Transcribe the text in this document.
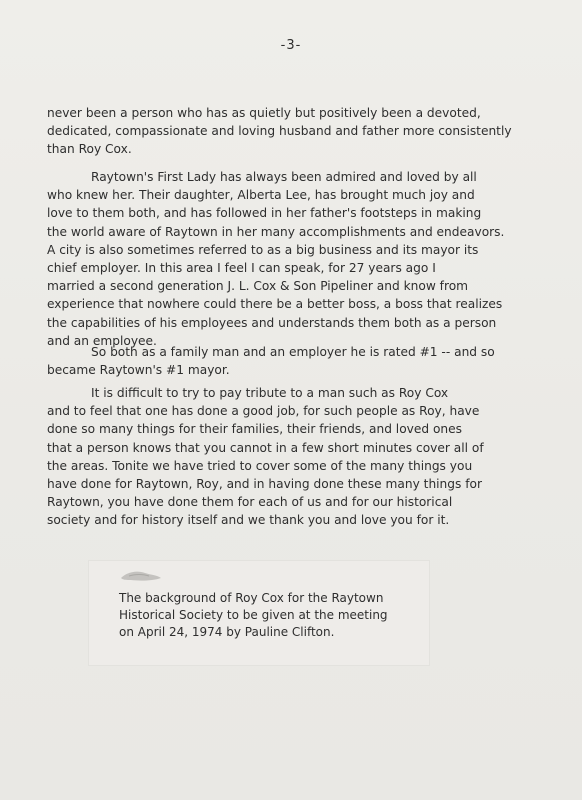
-3-

never been a person who has as quietly but positively been a devoted,
dedicated, compassionate and loving husband and father more consistently
than Roy Cox.

Raytown's First Lady has always been admired and loved by all
who knew her. Their daughter, Alberta Lee, has brought much joy and
love to them both, and has followed in her father's footsteps in making
the world aware of Raytown in her many accomplishments and endeavors.
A city is also sometimes referred to as a big business and its mayor its
chief employer. In this area I feel I can speak, for 27 years ago I
married a second generation J. L. Cox & Son Pipeliner and know from
experience that nowhere could there be a better boss, a boss that realizes
the capabilities of his employees and understands them both as a person
and an employee.

So both as a family man and an employer he is rated #1 -- and so
became Raytown's #1 mayor.

It is difficult to try to pay tribute to a man such as Roy Cox
and to feel that one has done a good job, for such people as Roy, have
done so many things for their families, their friends, and loved ones
that a person knows that you cannot in a few short minutes cover all of
the areas. Tonite we have tried to cover some of the many things you
have done for Raytown, Roy, and in having done these many things for
Raytown, you have done them for each of us and for our historical
society and for history itself and we thank you and love you for it.

The background of Roy Cox for the Raytown
Historical Society to be given at the meeting
on April 24, 1974 by Pauline Clifton.
